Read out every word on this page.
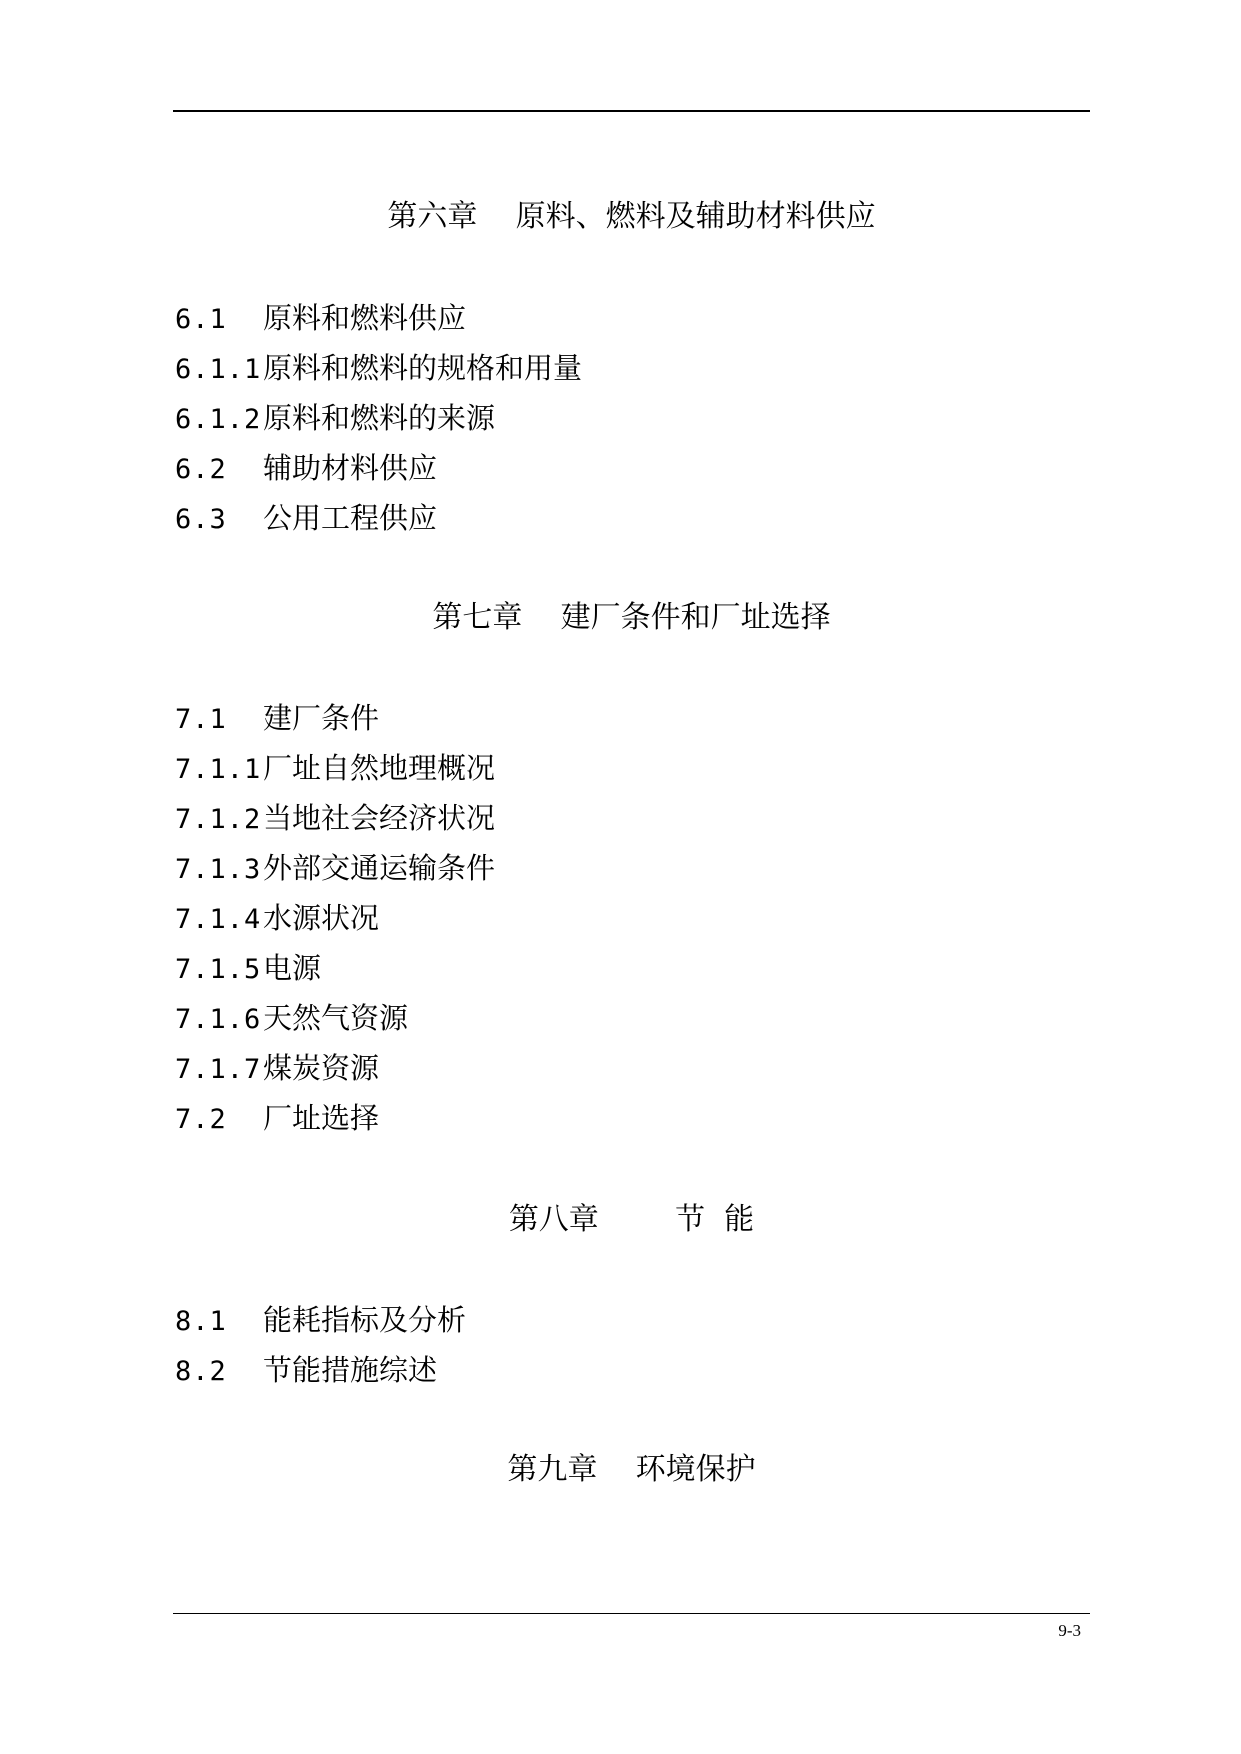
第六章    原料、燃料及辅助材料供应
6.1 原料和燃料供应
6.1.1原料和燃料的规格和用量
6.1.2原料和燃料的来源
6.2 辅助材料供应
6.3 公用工程供应
第七章    建厂条件和厂址选择
7.1 建厂条件
7.1.1厂址自然地理概况
7.1.2当地社会经济状况
7.1.3外部交通运输条件
7.1.4水源状况
7.1.5电源
7.1.6天然气资源
7.1.7煤炭资源
7.2 厂址选择
第八章        节  能
8.1 能耗指标及分析
8.2 节能措施综述
第九章    环境保护
9-3
